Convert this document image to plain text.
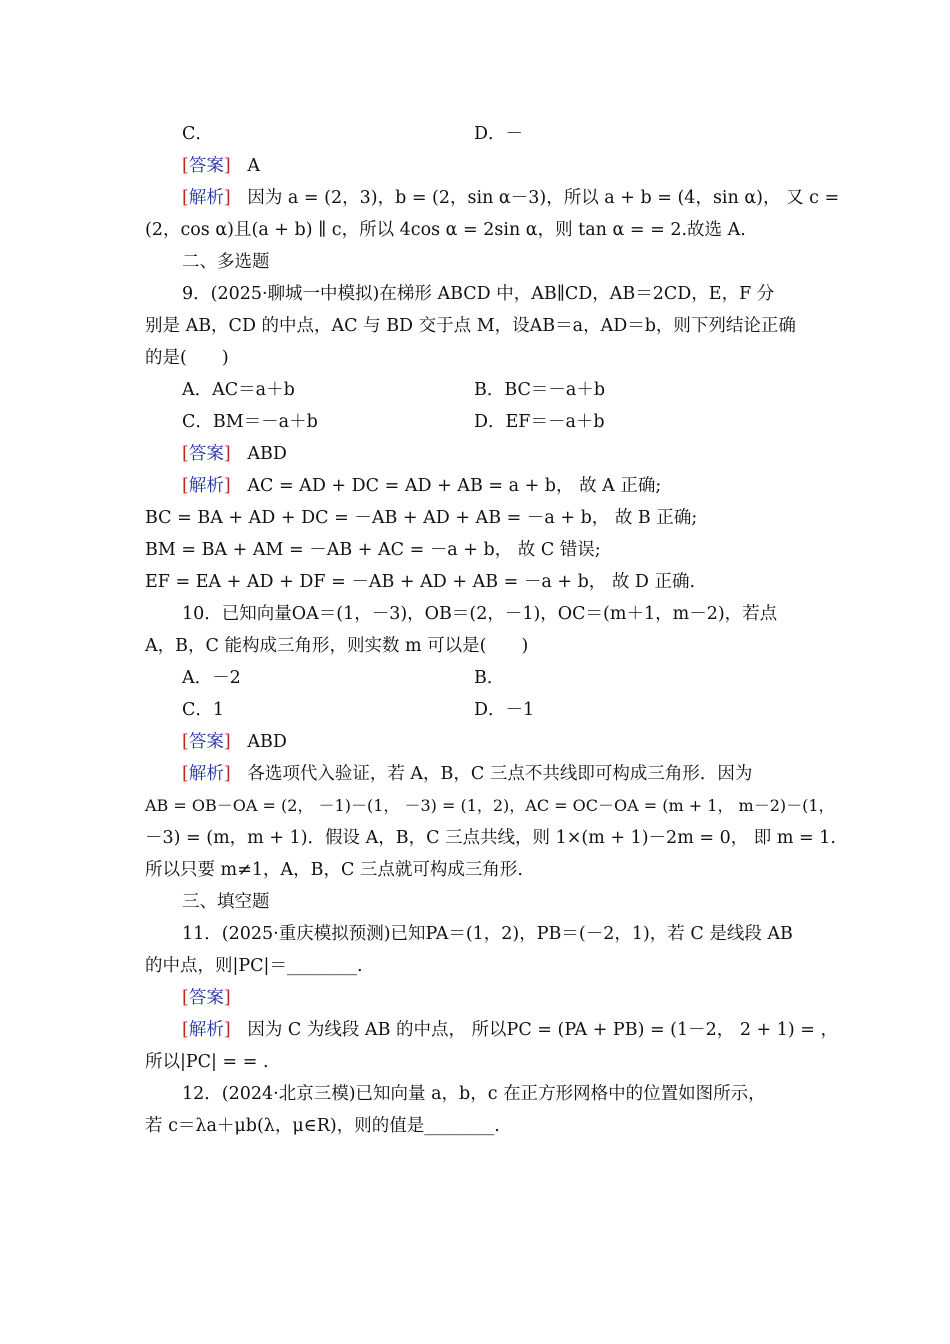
C．	D．－
[答案] A
[解析] 因为 a = (2，3)，b = (2，sin α－3)，所以 a + b = (4，sin α)， 又 c =
(2，cos α)且(a + b) ∥ c，所以 4cos α = 2sin α，则 tan α = = 2.故选 A.
二、多选题
9．(2025·聊城一中模拟)在梯形 ABCD 中，AB∥CD，AB＝2CD，E，F 分
别是 AB，CD 的中点，AC 与 BD 交于点 M，设AB＝a，AD＝b，则下列结论正确
的是(　　)
A．AC＝a＋b	B．BC＝－a＋b
C．BM＝－a＋b	D．EF＝－a＋b
[答案] ABD
[解析] AC = AD + DC = AD + AB = a + b， 故 A 正确;
BC = BA + AD + DC = －AB + AD + AB = －a + b， 故 B 正确;
BM = BA + AM = －AB + AC = －a + b， 故 C 错误;
EF = EA + AD + DF = －AB + AD + AB = －a + b， 故 D 正确.
10．已知向量OA＝(1，－3)，OB＝(2，－1)，OC＝(m＋1，m－2)，若点
A，B，C 能构成三角形，则实数 m 可以是(　　)
A．－2	B．
C．1	D．－1
[答案] ABD
[解析] 各选项代入验证，若 A，B，C 三点不共线即可构成三角形．因为
AB = OB－OA = (2， －1)－(1， －3) = (1，2)，AC = OC－OA = (m + 1， m－2)－(1，
－3) = (m，m + 1)．假设 A，B，C 三点共线，则 1×(m + 1)－2m = 0， 即 m = 1.
所以只要 m≠1，A，B，C 三点就可构成三角形.
三、填空题
11．(2025·重庆模拟预测)已知PA＝(1，2)，PB＝(－2，1)，若 C 是线段 AB
的中点，则|PC|＝________.
[答案]
[解析] 因为 C 为线段 AB 的中点， 所以PC = (PA + PB) = (1－2， 2 + 1) = ，
所以|PC| = = .
12．(2024·北京三模)已知向量 a，b，c 在正方形网格中的位置如图所示，
若 c＝λa＋μb(λ，μ∈R)，则的值是________.
